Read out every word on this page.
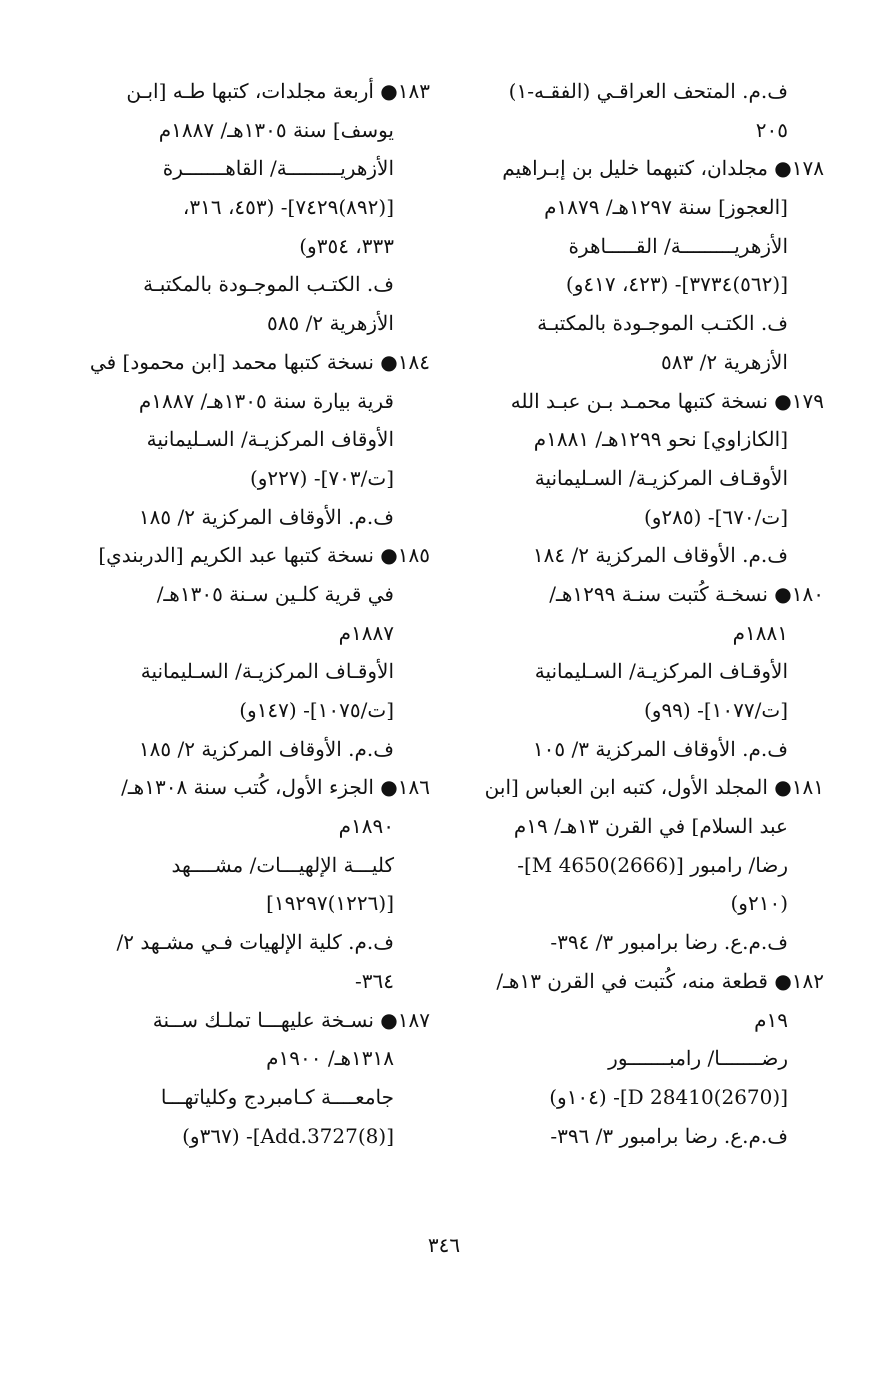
ف.م. المتحف العراقـي (الفقـه-١)
٢٠٥
١٧٨● مجلدان، كتبهما خليل بن إبـراهيم
[العجوز] سنة ١٢٩٧هـ/ ١٨٧٩م
الأزهريـــــــــة/ القـــــاهرة
[(٥٦٢)٣٧٣٤]- (٤٢٣، ٤١٧و)
ف. الكتـب الموجـودة بالمكتبـة
الأزهرية ٢/ ٥٨٣
١٧٩● نسخة كتبها محمـد بـن عبـد الله
[الكازاوي] نحو ١٢٩٩هـ/ ١٨٨١م
الأوقـاف المركزيـة/ السـليمانية
[ت/٦٧٠]- (٢٨٥و)
ف.م. الأوقاف المركزية ٢/ ١٨٤
١٨٠● نسخـة كُتبت سنـة ١٢٩٩هـ/
١٨٨١م
الأوقـاف المركزيـة/ السـليمانية
[ت/١٠٧٧]- (٩٩و)
ف.م. الأوقاف المركزية ٣/ ١٠٥
١٨١● المجلد الأول، كتبه ابن العباس [ابن
عبد السلام] في القرن ١٣هـ/ ١٩م
رضا/ رامبور [M 4650(2666)]-
(٢١٠و)
ف.م.ع. رضا برامبور ٣/ ٣٩٤-
١٨٢● قطعة منه، كُتبت في القرن ١٣هـ/
١٩م
رضـــــــا/ رامبـــــــور
[D 28410(2670)]- (١٠٤و)
ف.م.ع. رضا برامبور ٣/ ٣٩٦-
١٨٣● أربعة مجلدات، كتبها طـه [ابـن
يوسف] سنة ١٣٠٥هـ/ ١٨٨٧م
الأزهريـــــــــة/ القاهـــــــرة
[(٨٩٢)٧٤٢٩]- (٤٥٣، ٣١٦،
٣٣٣، ٣٥٤و)
ف. الكتـب الموجـودة بالمكتبـة
الأزهرية ٢/ ٥٨٥
١٨٤● نسخة كتبها محمد [ابن محمود] في
قرية بيارة سنة ١٣٠٥هـ/ ١٨٨٧م
الأوقاف المركزيـة/ السـليمانية
[ت/٧٠٣]- (٢٢٧و)
ف.م. الأوقاف المركزية ٢/ ١٨٥
١٨٥● نسخة كتبها عبد الكريم [الدربندي]
في قرية كلـين سـنة ١٣٠٥هـ/
١٨٨٧م
الأوقـاف المركزيـة/ السـليمانية
[ت/١٠٧٥]- (١٤٧و)
ف.م. الأوقاف المركزية ٢/ ١٨٥
١٨٦● الجزء الأول، كُتب سنة ١٣٠٨هـ/
١٨٩٠م
كليـــة الإلهيـــات/ مشــــهد
[(١٢٢٦)١٩٢٩٧]
ف.م. كلية الإلهيات فـي مشـهد ٢/
٣٦٤-
١٨٧● نسـخة عليهـــا تملـك ســنة
١٣١٨هـ/ ١٩٠٠م
جامعــــة كـامبردج وكلياتهـــا
[Add.3727(8)]- (٣٦٧و)
٣٤٦
